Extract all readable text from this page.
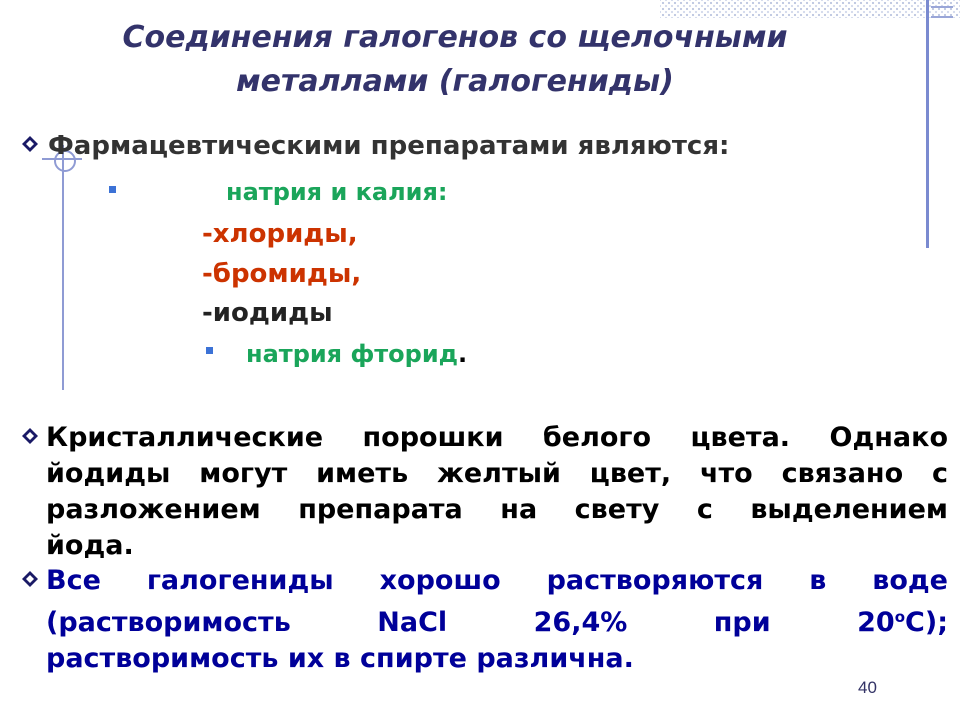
Соединения галогенов со щелочными
металлами (галогениды)
Фармацевтическими препаратами являются:
натрия и калия:
-хлориды,
-бромиды,
-иодиды
натрия фторид.

Кристаллические порошки белого цвета. Однако
йодиды могут иметь желтый цвет, что связано с
разложением препарата на свету с выделением
йода.

Все галогениды хорошо растворяются в воде
(растворимость NaCl 26,4% при $20^оС$);
растворимость их в спирте различна.

40
